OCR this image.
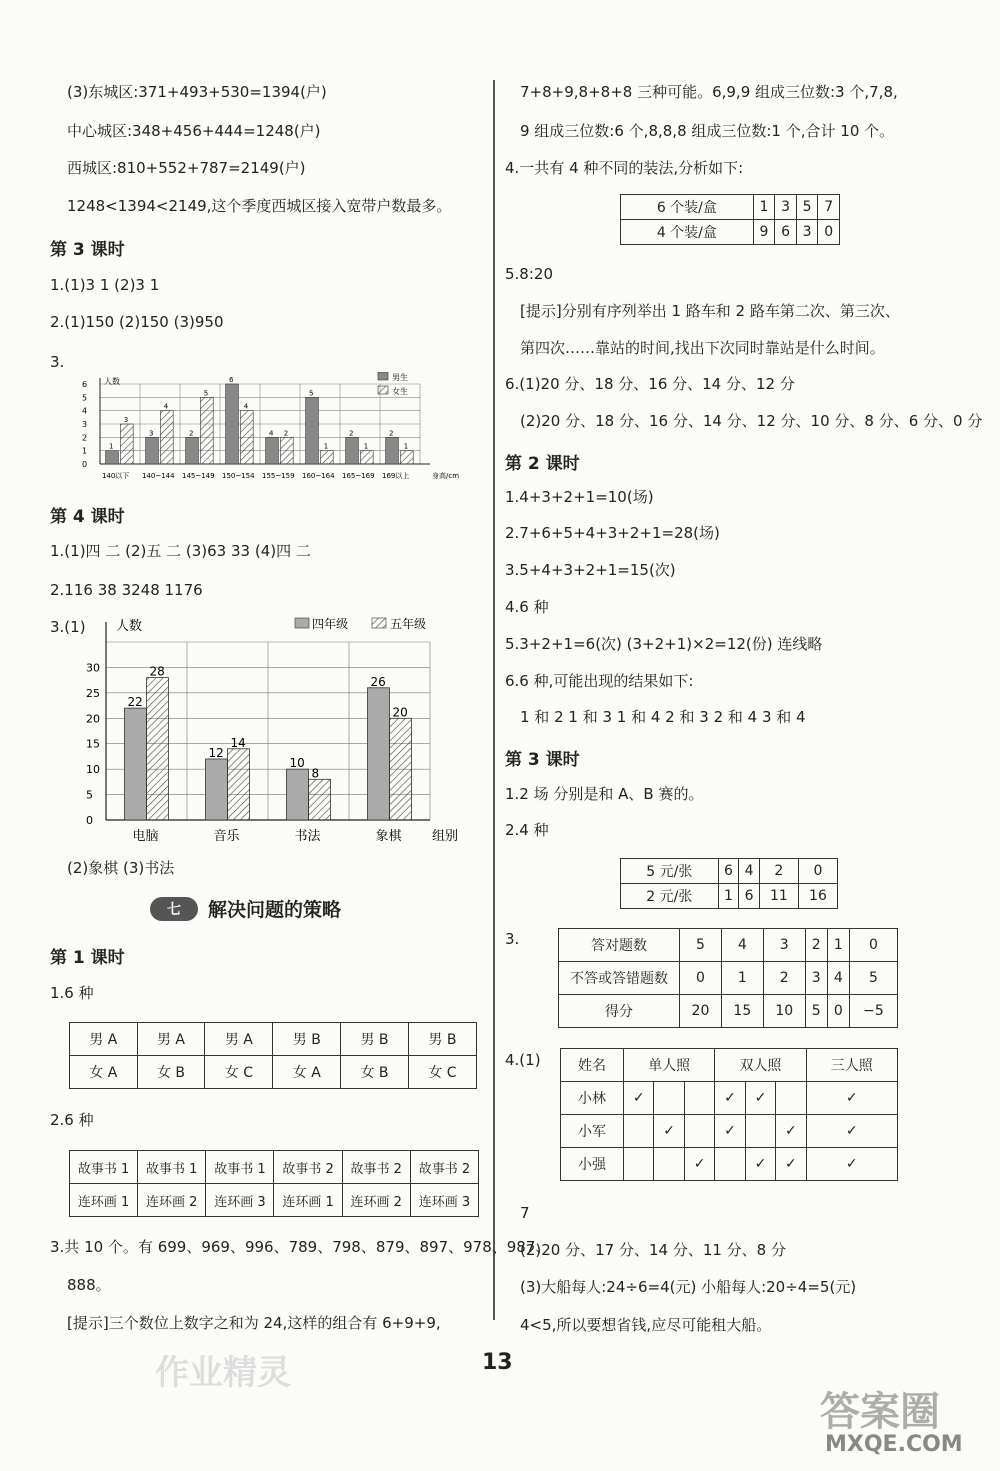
(3)东城区:371+493+530=1394(户)
中心城区:348+456+444=1248(户)
西城区:810+552+787=2149(户)
1248<1394<2149,这个季度西城区接入宽带户数最多。
第 3 课时
1.(1)3 1 (2)3 1
2.(1)150 (2)150 (3)950
3.
0
1
2
3
4
5
6 人数
1
3
140以下
3
4
140~144
2
5
145~149
6
4
150~154
4 2
155~159
5
1
160~164
2
1
165~169
2
1
169以上	身高/cm
男生
女生
第 4 课时
1.(1)四 二 (2)五 二 (3)63 33 (4)四 二
2.116 38 3248 1176
3.(1)
0
5
10
15
20
25
30
人数
22
28
电脑
12
14
音乐
10
8
书法
26
20
象棋 组别
四年级	五年级
(2)象棋 (3)书法
七	解决问题的策略
第 1 课时
1.6 种
男 A	男 A	男 A	男 B	男 B	男 B
女 A	女 B	女 C	女 A	女 B	女 C
2.6 种
故事书 1	故事书 1	故事书 1	故事书 2	故事书 2	故事书 2
连环画 1	连环画 2	连环画 3	连环画 1	连环画 2	连环画 3
3.共 10 个。有 699、969、996、789、798、879、897、978、987、
888。
[提示]三个数位上数字之和为 24,这样的组合有 6+9+9,
7+8+9,8+8+8 三种可能。6,9,9 组成三位数:3 个,7,8,
9 组成三位数:6 个,8,8,8 组成三位数:1 个,合计 10 个。
4.一共有 4 种不同的装法,分析如下:
6 个装/盒	1	3	5	7
4 个装/盒	9	6	3	0
5.8:20
[提示]分别有序列举出 1 路车和 2 路车第二次、第三次、
第四次……靠站的时间,找出下次同时靠站是什么时间。
6.(1)20 分、18 分、16 分、14 分、12 分
(2)20 分、18 分、16 分、14 分、12 分、10 分、8 分、6 分、0 分
第 2 课时
1.4+3+2+1=10(场)
2.7+6+5+4+3+2+1=28(场)
3.5+4+3+2+1=15(次)
4.6 种
5.3+2+1=6(次) (3+2+1)×2=12(份) 连线略
6.6 种,可能出现的结果如下:
1 和 2 1 和 3 1 和 4 2 和 3 2 和 4 3 和 4
第 3 课时
1.2 场 分别是和 A、B 赛的。
2.4 种
5 元/张	6	4	2	0
2 元/张	1	6	11	16
3.	答对题数	5	4	3	2	1	0
不答或答错题数	0	1	2	3	4	5
得分	20	15	10	5	0	−5
4.(1)	姓名	单人照			双人照			三人照
小林	✓			✓	✓		✓
小军		✓		✓		✓	✓
小强			✓		✓	✓	✓
7
(2)20 分、17 分、14 分、11 分、8 分
(3)大船每人:24÷6=4(元) 小船每人:20÷4=5(元)
4<5,所以要想省钱,应尽可能租大船。
13
作业精灵
答案圈
MXQE.COM
